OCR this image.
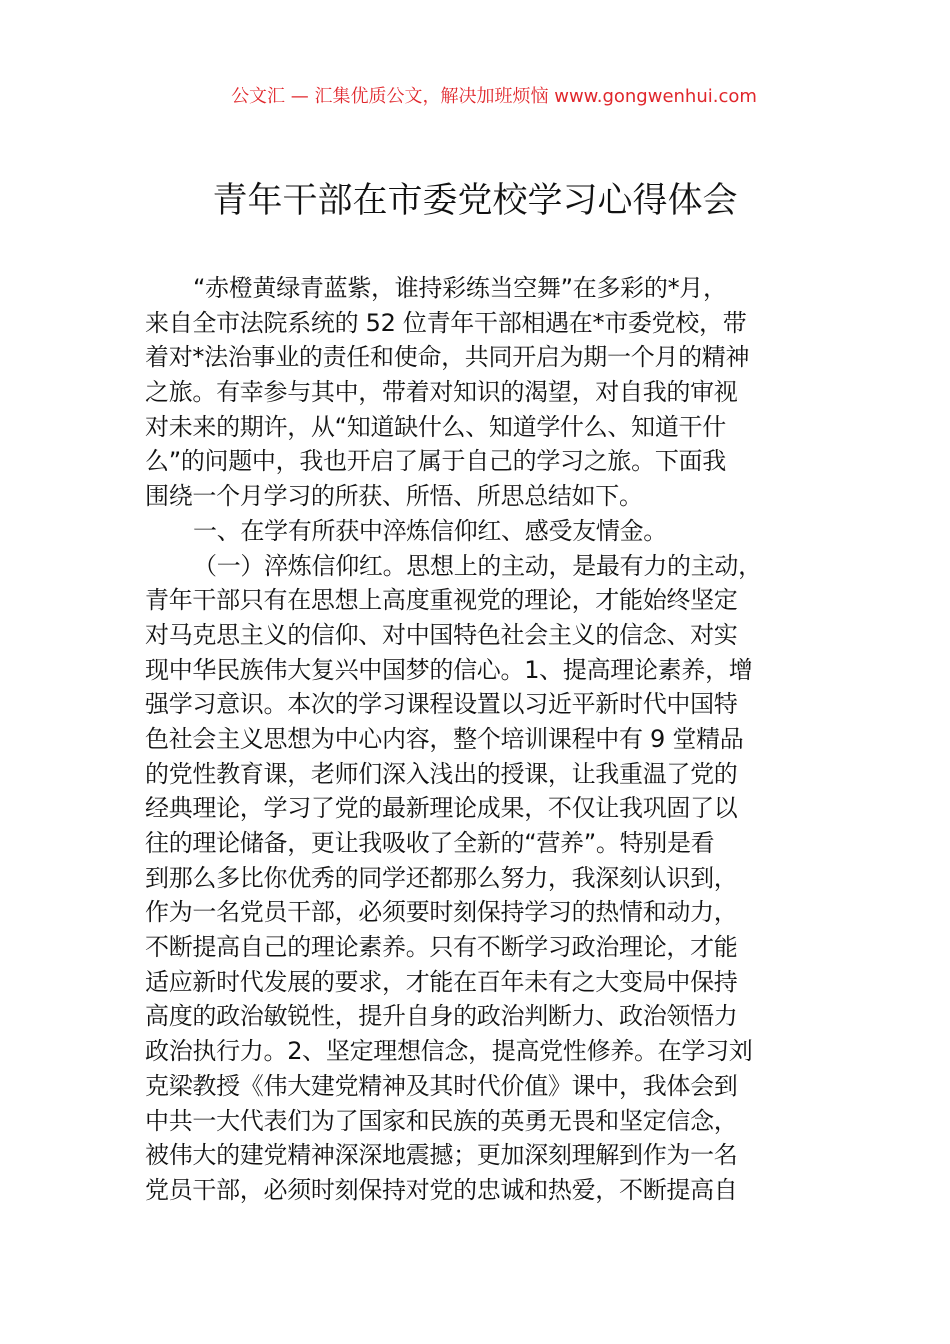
公文汇 — 汇集优质公文，解决加班烦恼 www.gongwenhui.com
青年干部在市委党校学习心得体会
“赤橙黄绿青蓝紫，谁持彩练当空舞”在多彩的*月，
来自全市法院系统的 52 位青年干部相遇在*市委党校，带
着对*法治事业的责任和使命，共同开启为期一个月的精神
之旅。有幸参与其中，带着对知识的渴望，对自我的审视
对未来的期许，从“知道缺什么、知道学什么、知道干什
么”的问题中，我也开启了属于自己的学习之旅。下面我
围绕一个月学习的所获、所悟、所思总结如下。
一、在学有所获中淬炼信仰红、感受友情金。
（一）淬炼信仰红。思想上的主动，是最有力的主动，
青年干部只有在思想上高度重视党的理论，才能始终坚定
对马克思主义的信仰、对中国特色社会主义的信念、对实
现中华民族伟大复兴中国梦的信心。1、提高理论素养，增
强学习意识。本次的学习课程设置以习近平新时代中国特
色社会主义思想为中心内容，整个培训课程中有 9 堂精品
的党性教育课，老师们深入浅出的授课，让我重温了党的
经典理论，学习了党的最新理论成果，不仅让我巩固了以
往的理论储备，更让我吸收了全新的“营养”。特别是看
到那么多比你优秀的同学还都那么努力，我深刻认识到，
作为一名党员干部，必须要时刻保持学习的热情和动力，
不断提高自己的理论素养。只有不断学习政治理论，才能
适应新时代发展的要求，才能在百年未有之大变局中保持
高度的政治敏锐性，提升自身的政治判断力、政治领悟力
政治执行力。2、坚定理想信念，提高党性修养。在学习刘
克梁教授《伟大建党精神及其时代价值》课中，我体会到
中共一大代表们为了国家和民族的英勇无畏和坚定信念，
被伟大的建党精神深深地震撼；更加深刻理解到作为一名
党员干部，必须时刻保持对党的忠诚和热爱，不断提高自
